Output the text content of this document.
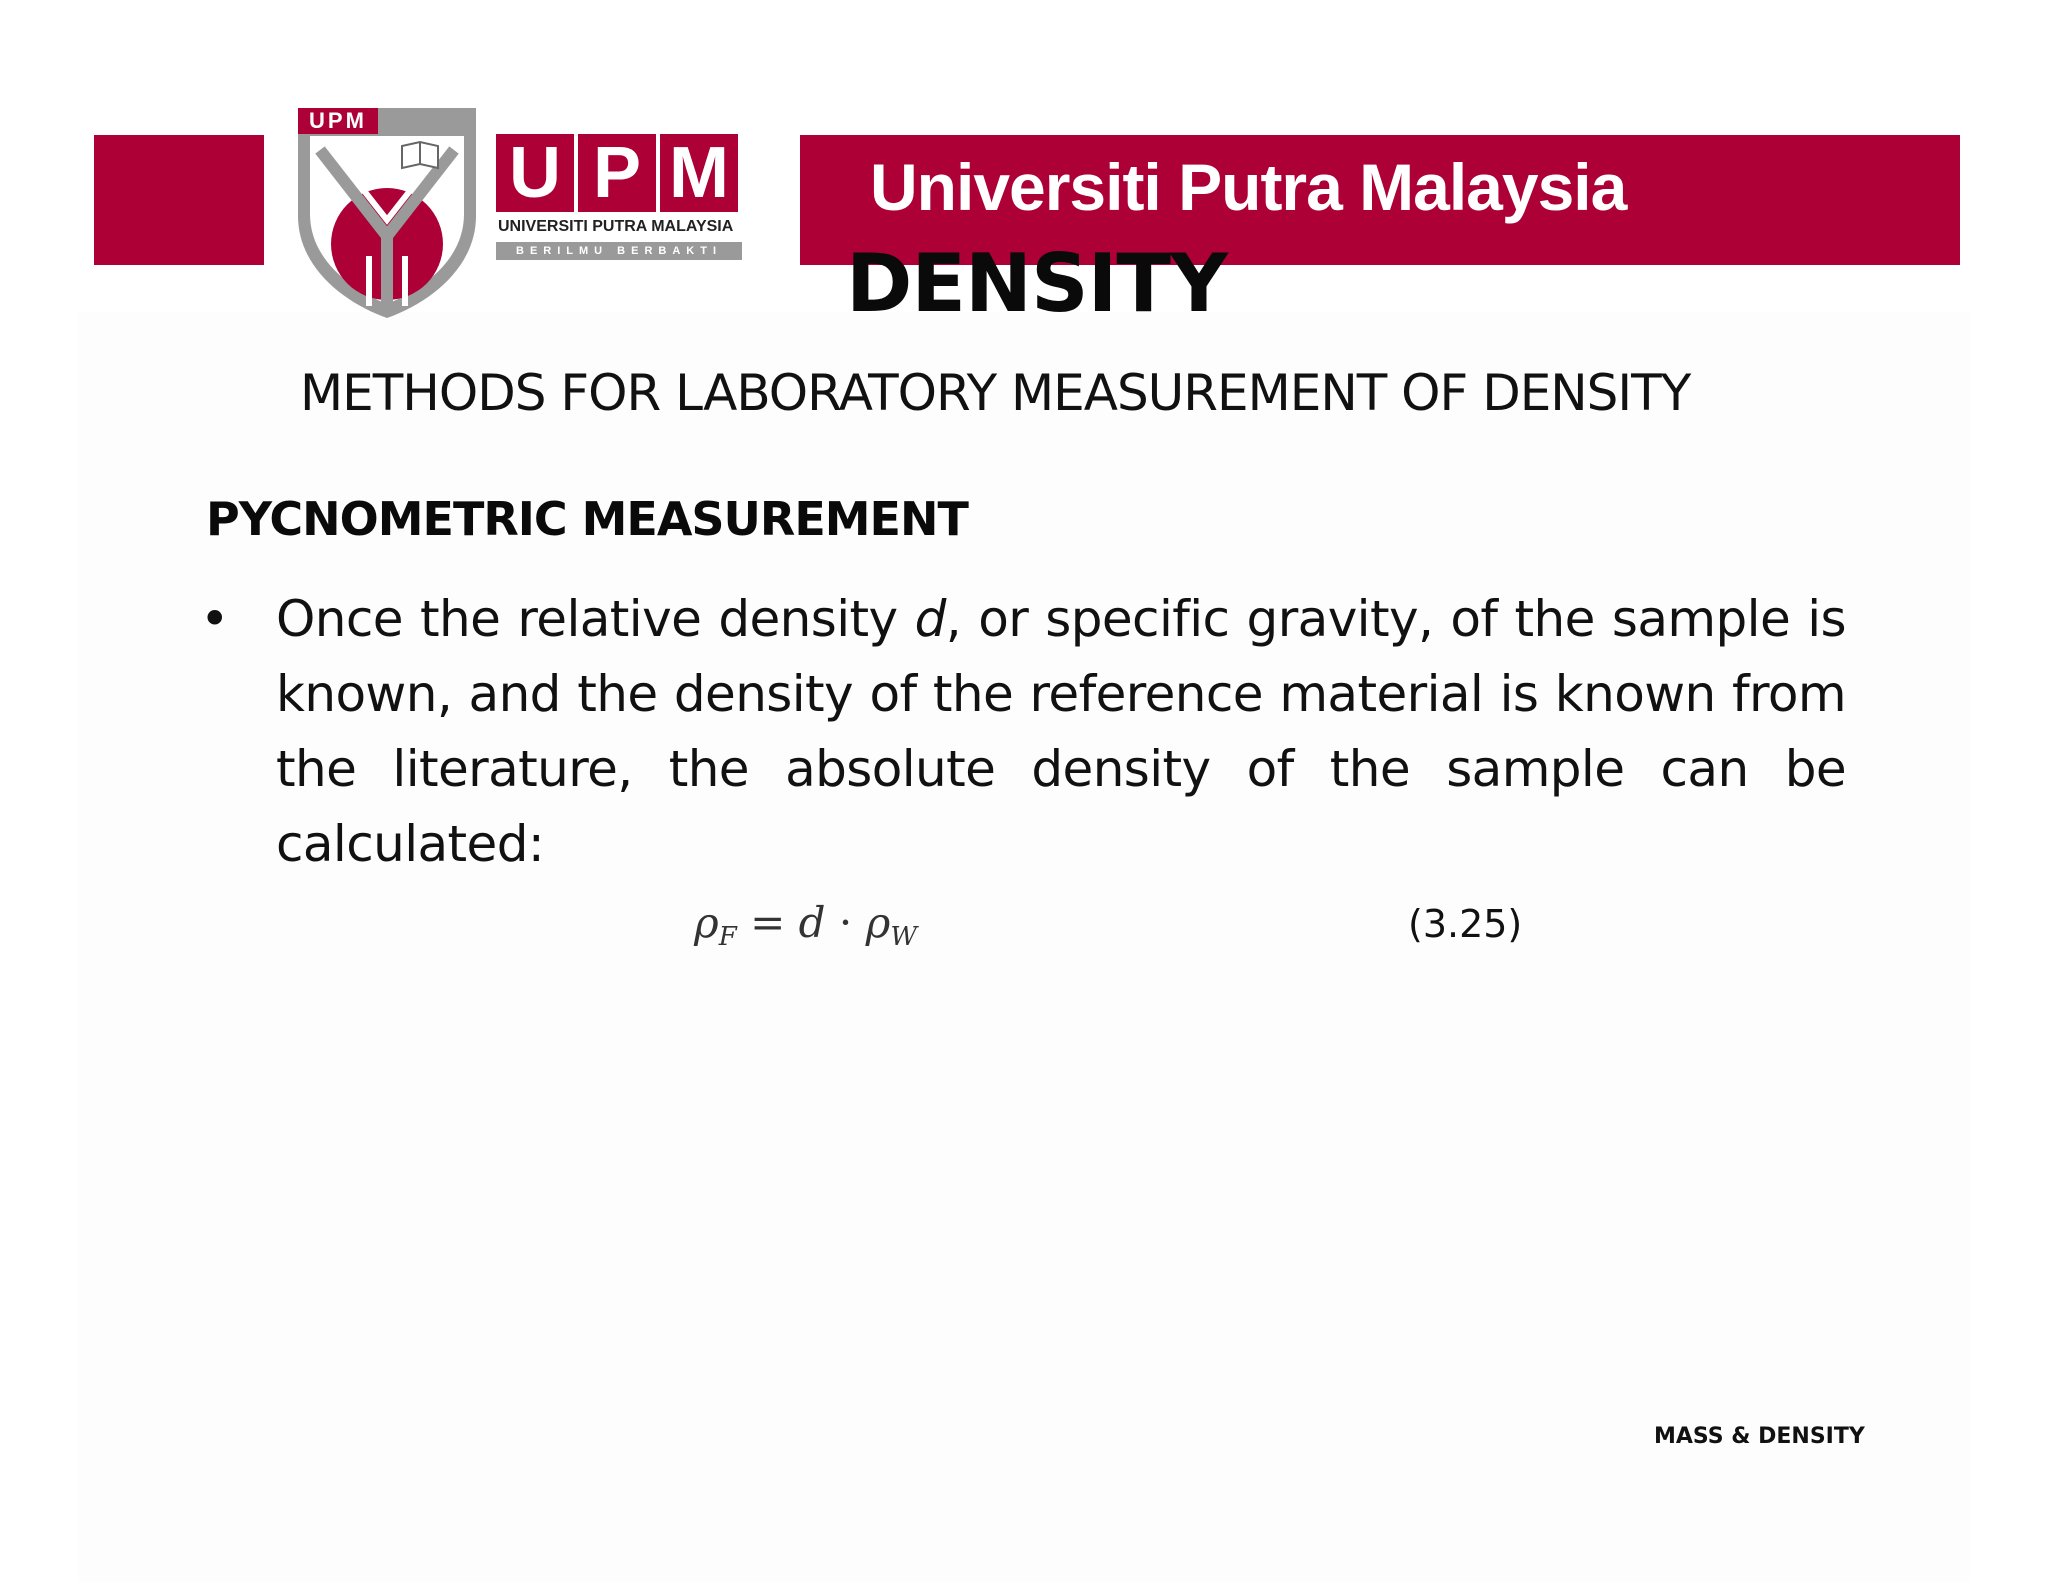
Universiti Putra Malaysia
UPM
U P M
UNIVERSITI PUTRA MALAYSIA
BERILMU BERBAKTI DENSITY
METHODS FOR LABORATORY MEASUREMENT OF DENSITY
PYCNOMETRIC MEASUREMENT
• Once the relative density d, or specific gravity, of the sample is known, and the density of the reference material is known from the literature, the absolute density of the sample can be calculated:
$\rho_F = d \cdot \rho_W$	(3.25)
MASS & DENSITY
